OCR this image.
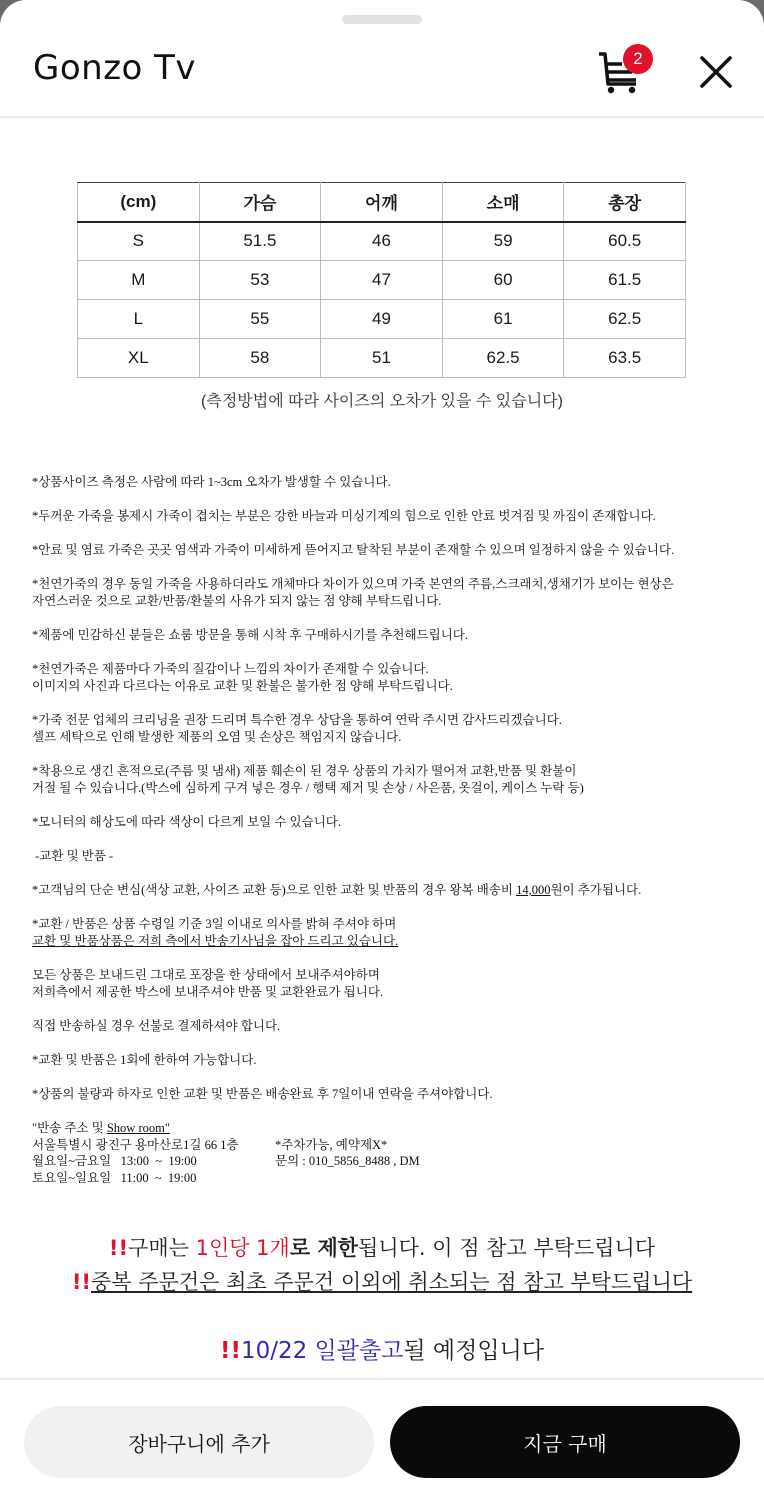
Gonzo Tv	2
(cm)	가슴	어깨	소매	총장
S	51.5	46	59	60.5
M	53	47	60	61.5
L	55	49	61	62.5
XL	58	51	62.5	63.5
(측정방법에 따라 사이즈의 오차가 있을 수 있습니다)

*상품사이즈 측정은 사람에 따라 1~3cm 오차가 발생할 수 있습니다.

*두꺼운 가죽을 봉제시 가죽이 겹치는 부분은 강한 바늘과 미싱기계의 힘으로 인한 안료 벗겨짐 및 까짐이 존재합니다.

*안료 및 염료 가죽은 곳곳 염색과 가죽이 미세하게 뜯어지고 탈착된 부분이 존재할 수 있으며 일정하지 않을 수 있습니다.

*천연가죽의 경우 동일 가죽을 사용하더라도 개체마다 차이가 있으며 가죽 본연의 주름,스크래치,생채기가 보이는 현상은
자연스러운 것으로 교환/반품/환불의 사유가 되지 않는 점 양해 부탁드립니다.

*제품에 민감하신 분들은 쇼룸 방문을 통해 시착 후 구매하시기를 추천해드립니다.

*천연가죽은 제품마다 가죽의 질감이나 느낌의 차이가 존재할 수 있습니다.
이미지의 사진과 다르다는 이유로 교환 및 환불은 불가한 점 양해 부탁드립니다.

*가죽 전문 업체의 크리닝을 권장 드리며 특수한 경우 상담을 통하여 연락 주시면 감사드리겠습니다.
셀프 세탁으로 인해 발생한 제품의 오염 및 손상은 책임지지 않습니다.

*착용으로 생긴 흔적으로(주름 및 냄새) 제품 훼손이 된 경우 상품의 가치가 떨어져 교환,반품 및 환불이
거절 될 수 있습니다.(박스에 심하게 구겨 넣은 경우 / 행택 제거 및 손상 / 사은품, 옷걸이, 케이스 누락 등)

*모니터의 해상도에 따라 색상이 다르게 보일 수 있습니다.

-교환 및 반품 -

*고객님의 단순 변심(색상 교환, 사이즈 교환 등)으로 인한 교환 및 반품의 경우 왕복 배송비 14,000원이 추가됩니다.

*교환 / 반품은 상품 수령일 기준 3일 이내로 의사를 밝혀 주셔야 하며
교환 및 반품상품은 저희 측에서 반송기사님을 잡아 드리고 있습니다.

모든 상품은 보내드린 그대로 포장을 한 상태에서 보내주셔야하며
저희측에서 제공한 박스에 보내주셔야 반품 및 교환완료가 됩니다.

직접 반송하실 경우 선불로 결제하셔야 합니다.

*교환 및 반품은 1회에 한하여 가능합니다.

*상품의 불량과 하자로 인한 교환 및 반품은 배송완료 후 7일이내 연락을 주셔야합니다.

"반송 주소 및 Show room"
서울특별시 광진구 용마산로1길 66 1층	*주차가능, 예약제X*
월요일~금요일   13:00  ~  19:00	문의 : 010_5856_8488 , DM
토요일~일요일   11:00  ~  19:00
!!구매는 1인당 1개로 제한됩니다. 이 점 참고 부탁드립니다
!!중복 주문건은 최초 주문건 이외에 취소되는 점 참고 부탁드립니다
!!10/22 일괄출고될 예정입니다
장바구니에 추가	지금 구매
